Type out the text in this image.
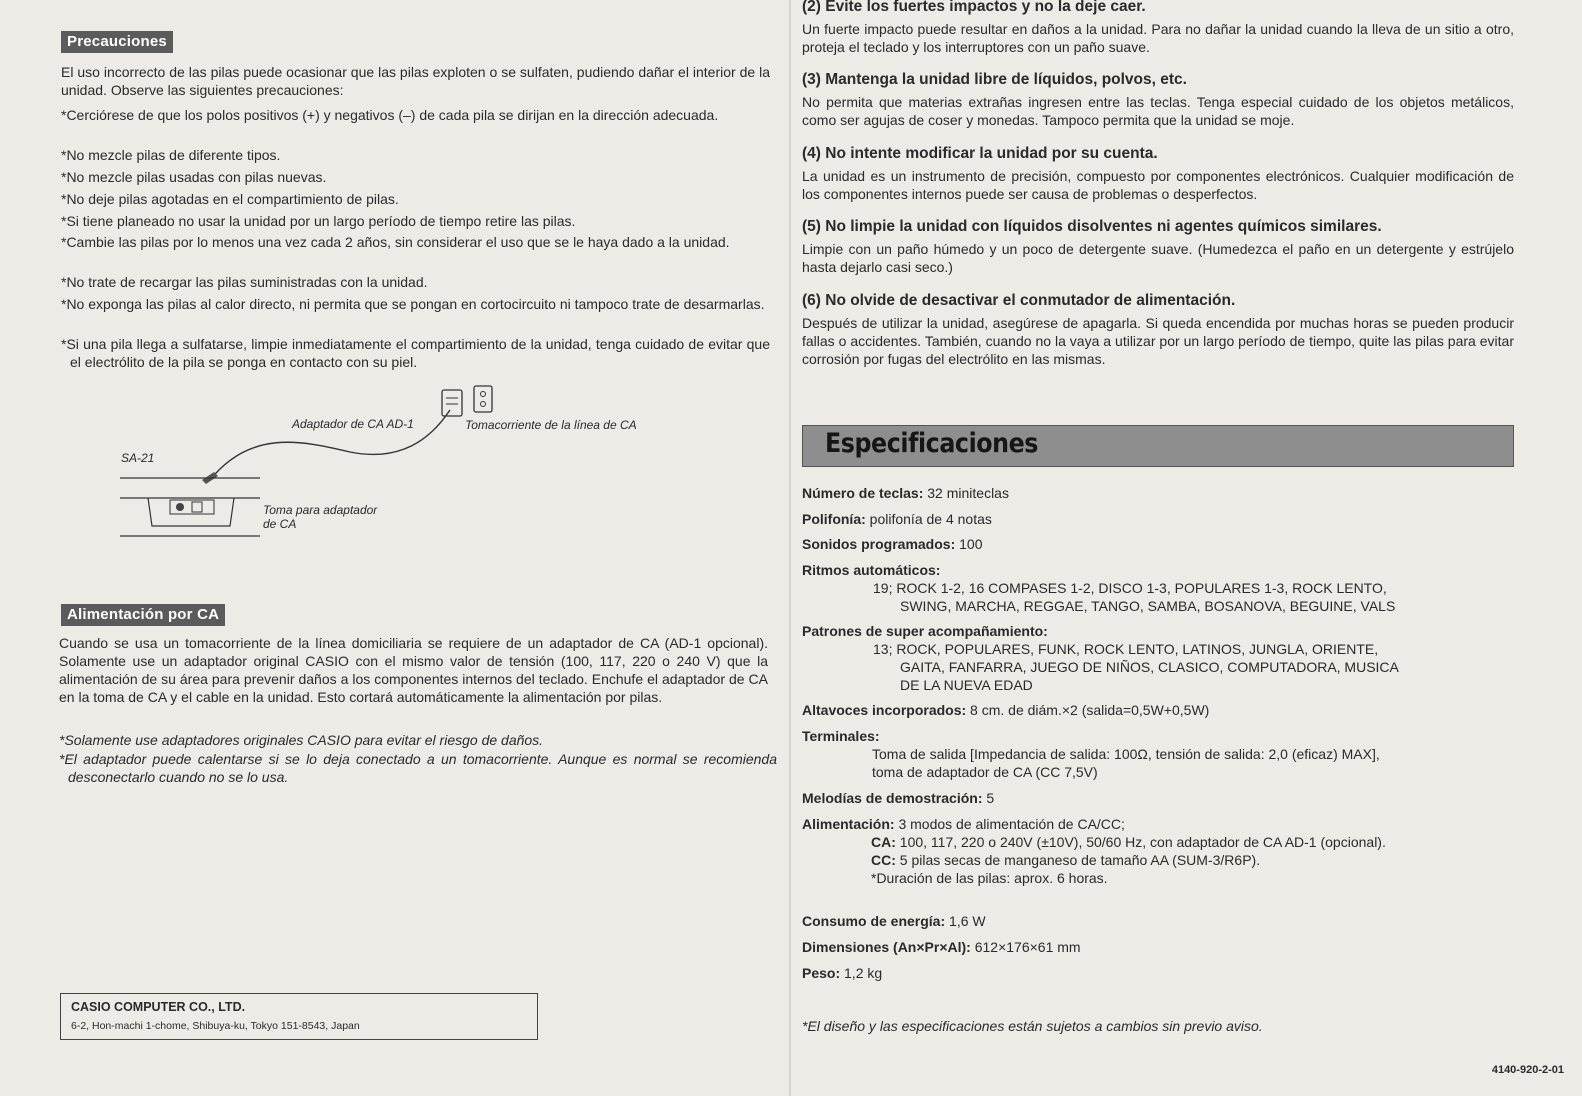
Precauciones
El uso incorrecto de las pilas puede ocasionar que las pilas exploten o se sulfaten, pudiendo dañar el interior de la unidad. Observe las siguientes precauciones:
*Cerciórese de que los polos positivos (+) y negativos (–) de cada pila se dirijan en la dirección adecuada.
*No mezcle pilas de diferente tipos.
*No mezcle pilas usadas con pilas nuevas.
*No deje pilas agotadas en el compartimiento de pilas.
*Si tiene planeado no usar la unidad por un largo período de tiempo retire las pilas.
*Cambie las pilas por lo menos una vez cada 2 años, sin considerar el uso que se le haya dado a la unidad.
*No trate de recargar las pilas suministradas con la unidad.
*No exponga las pilas al calor directo, ni permita que se pongan en cortocircuito ni tampoco trate de desarmarlas.
*Si una pila llega a sulfatarse, limpie inmediatamente el compartimiento de la unidad, tenga cuidado de evitar que el electrólito de la pila se ponga en contacto con su piel.
Adaptador de CA AD-1	Tomacorriente de la línea de CA
SA-21
Toma para adaptador de CA
Alimentación por CA
Cuando se usa un tomacorriente de la línea domiciliaria se requiere de un adaptador de CA (AD-1 opcional). Solamente use un adaptador original CASIO con el mismo valor de tensión (100, 117, 220 o 240 V) que la alimentación de su área para prevenir daños a los componentes internos del teclado. Enchufe el adaptador de CA en la toma de CA y el cable en la unidad. Esto cortará automáticamente la alimentación por pilas.
*Solamente use adaptadores originales CASIO para evitar el riesgo de daños.
*El adaptador puede calentarse si se lo deja conectado a un tomacorriente. Aunque es normal se recomienda desconectarlo cuando no se lo usa.
CASIO COMPUTER CO., LTD.
6-2, Hon-machi 1-chome, Shibuya-ku, Tokyo 151-8543, Japan
(2) Evite los fuertes impactos y no la deje caer.
Un fuerte impacto puede resultar en daños a la unidad. Para no dañar la unidad cuando la lleva de un sitio a otro, proteja el teclado y los interruptores con un paño suave.
(3) Mantenga la unidad libre de líquidos, polvos, etc.
No permita que materias extrañas ingresen entre las teclas. Tenga especial cuidado de los objetos metálicos, como ser agujas de coser y monedas. Tampoco permita que la unidad se moje.
(4) No intente modificar la unidad por su cuenta.
La unidad es un instrumento de precisión, compuesto por componentes electrónicos. Cualquier modificación de los componentes internos puede ser causa de problemas o desperfectos.
(5) No limpie la unidad con líquidos disolventes ni agentes químicos similares.
Limpie con un paño húmedo y un poco de detergente suave. (Humedezca el paño en un detergente y estrújelo hasta dejarlo casi seco.)
(6) No olvide de desactivar el conmutador de alimentación.
Después de utilizar la unidad, asegúrese de apagarla. Si queda encendida por muchas horas se pueden producir fallas o accidentes. También, cuando no la vaya a utilizar por un largo período de tiempo, quite las pilas para evitar corrosión por fugas del electrólito en las mismas.
Especificaciones
Número de teclas: 32 miniteclas
Polifonía: polifonía de 4 notas
Sonidos programados: 100
Ritmos automáticos:
19; ROCK 1-2, 16 COMPASES 1-2, DISCO 1-3, POPULARES 1-3, ROCK LENTO,
SWING, MARCHA, REGGAE, TANGO, SAMBA, BOSANOVA, BEGUINE, VALS
Patrones de super acompañamiento:
13; ROCK, POPULARES, FUNK, ROCK LENTO, LATINOS, JUNGLA, ORIENTE,
GAITA, FANFARRA, JUEGO DE NIÑOS, CLASICO, COMPUTADORA, MUSICA
DE LA NUEVA EDAD
Altavoces incorporados: 8 cm. de diám.×2 (salida=0,5W+0,5W)
Terminales:
Toma de salida [Impedancia de salida: 100Ω, tensión de salida: 2,0 (eficaz) MAX],
toma de adaptador de CA (CC 7,5V)
Melodías de demostración: 5
Alimentación: 3 modos de alimentación de CA/CC;
CA: 100, 117, 220 o 240V (±10V), 50/60 Hz, con adaptador de CA AD-1 (opcional).
CC: 5 pilas secas de manganeso de tamaño AA (SUM-3/R6P).
*Duración de las pilas: aprox. 6 horas.
Consumo de energía: 1,6 W
Dimensiones (An×Pr×Al): 612×176×61 mm
Peso: 1,2 kg
*El diseño y las especificaciones están sujetos a cambios sin previo aviso.
4140-920-2-01
